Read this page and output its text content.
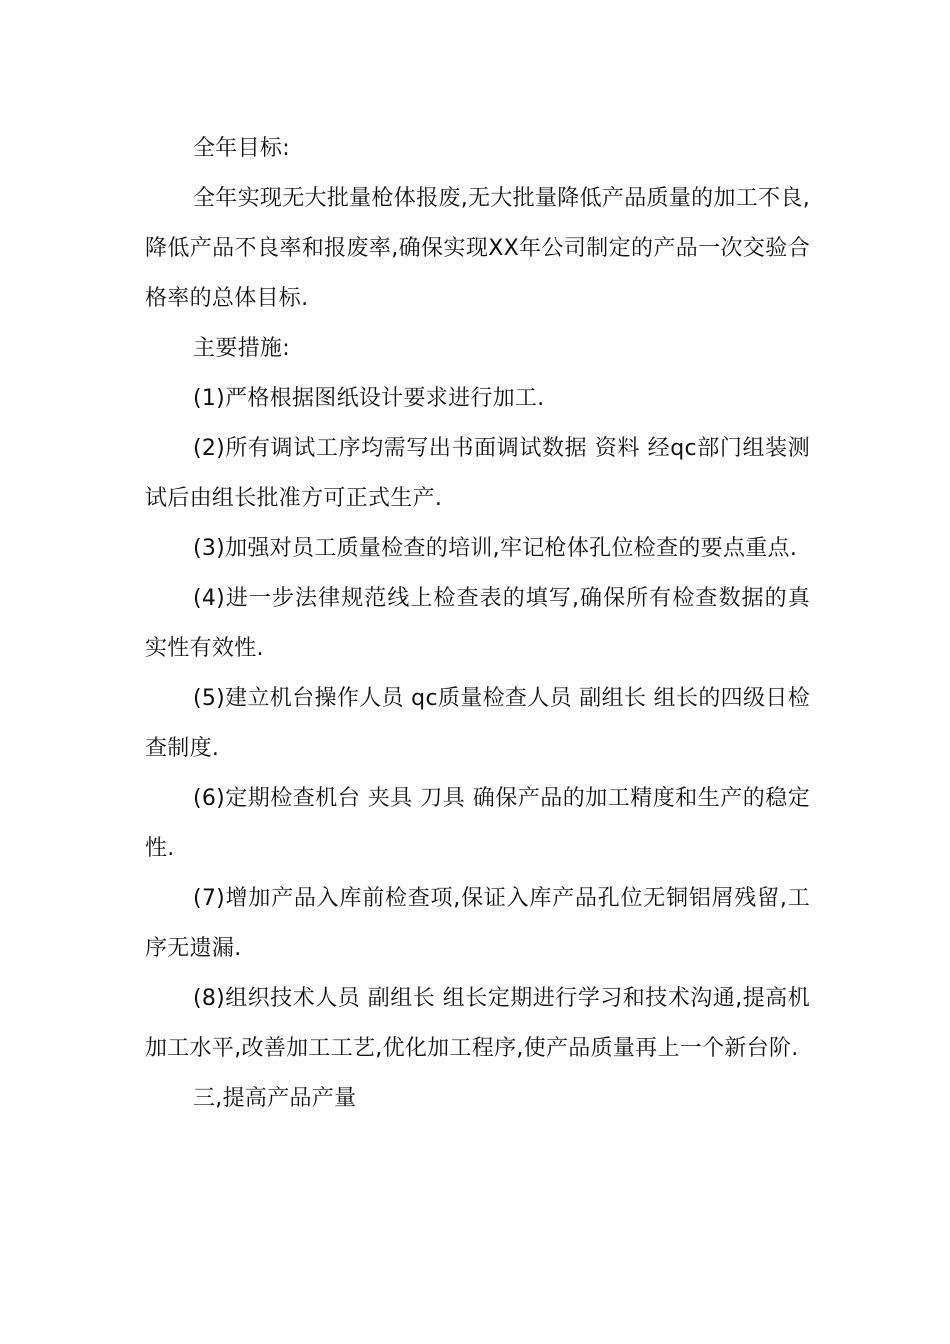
全年目标:

全年实现无大批量枪体报废,无大批量降低产品质量的加工不良,降低产品不良率和报废率,确保实现XX年公司制定的产品一次交验合格率的总体目标.

主要措施:

(1)严格根据图纸设计要求进行加工.

(2)所有调试工序均需写出书面调试数据 资料 经qc部门组装测试后由组长批准方可正式生产.

(3)加强对员工质量检查的培训,牢记枪体孔位检查的要点重点.

(4)进一步法律规范线上检查表的填写,确保所有检查数据的真实性有效性.

(5)建立机台操作人员 qc质量检查人员 副组长 组长的四级日检查制度.

(6)定期检查机台 夹具 刀具 确保产品的加工精度和生产的稳定性.

(7)增加产品入库前检查项,保证入库产品孔位无铜铝屑残留,工序无遗漏.

(8)组织技术人员 副组长 组长定期进行学习和技术沟通,提高机加工水平,改善加工工艺,优化加工程序,使产品质量再上一个新台阶.

三,提高产品产量
